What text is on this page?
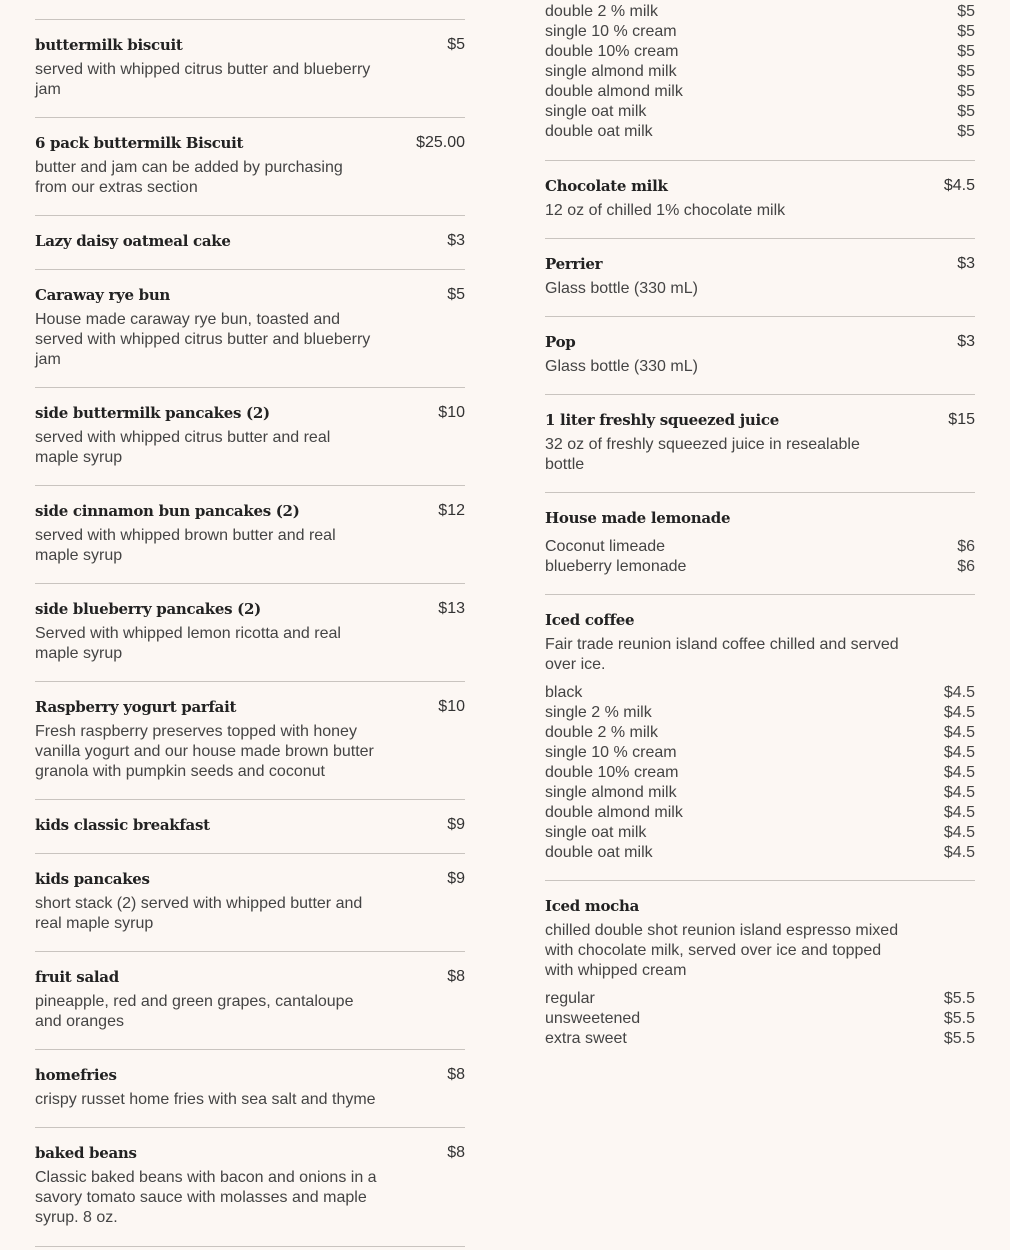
buttermilk biscuit	$5
served with whipped citrus butter and blueberry jam
6 pack buttermilk Biscuit	$25.00
butter and jam can be added by purchasing from our extras section
Lazy daisy oatmeal cake	$3
Caraway rye bun	$5
House made caraway rye bun, toasted and served with whipped citrus butter and blueberry jam
side buttermilk pancakes (2)	$10
served with whipped citrus butter and real maple syrup
side cinnamon bun pancakes (2)	$12
served with whipped brown butter and real maple syrup
side blueberry pancakes (2)	$13
Served with whipped lemon ricotta and real maple syrup
Raspberry yogurt parfait	$10
Fresh raspberry preserves topped with honey vanilla yogurt and our house made brown butter granola with pumpkin seeds and coconut
kids classic breakfast	$9
kids pancakes	$9
short stack (2) served with whipped butter and real maple syrup
fruit salad	$8
pineapple, red and green grapes, cantaloupe and oranges
homefries	$8
crispy russet home fries with sea salt and thyme
baked beans	$8
Classic baked beans with bacon and onions in a savory tomato sauce with molasses and maple syrup. 8 oz.
double 2 % milk	$5
single 10 % cream	$5
double 10% cream	$5
single almond milk	$5
double almond milk	$5
single oat milk	$5
double oat milk	$5
Chocolate milk	$4.5
12 oz of chilled 1% chocolate milk
Perrier	$3
Glass bottle (330 mL)
Pop	$3
Glass bottle (330 mL)
1 liter freshly squeezed juice	$15
32 oz of freshly squeezed juice in resealable bottle
House made lemonade
Coconut limeade	$6
blueberry lemonade	$6
Iced coffee
Fair trade reunion island coffee chilled and served over ice.
black	$4.5
single 2 % milk	$4.5
double 2 % milk	$4.5
single 10 % cream	$4.5
double 10% cream	$4.5
single almond milk	$4.5
double almond milk	$4.5
single oat milk	$4.5
double oat milk	$4.5
Iced mocha
chilled double shot reunion island espresso mixed with chocolate milk, served over ice and topped with whipped cream
regular	$5.5
unsweetened	$5.5
extra sweet	$5.5
